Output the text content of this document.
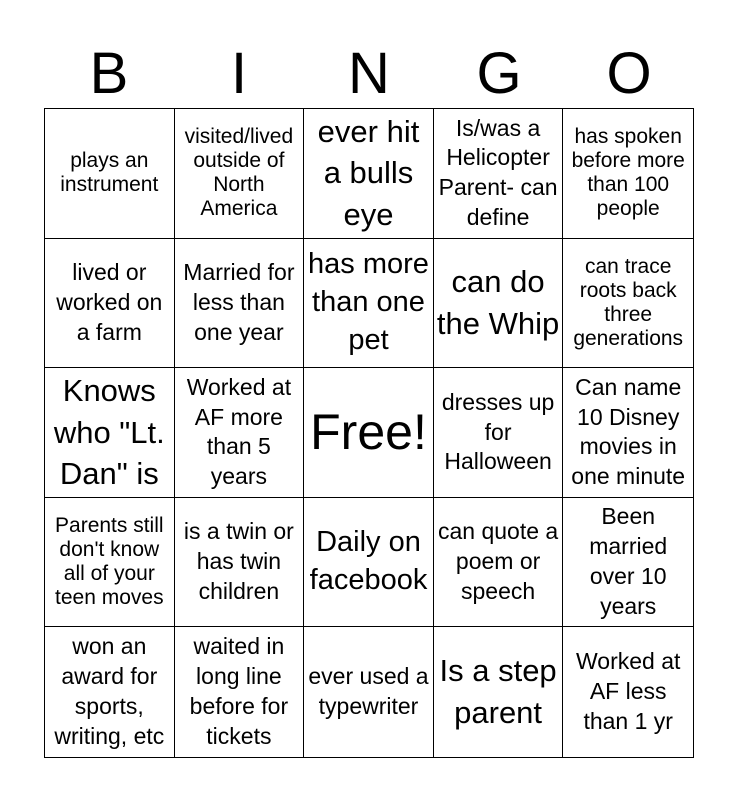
B	I	N	G	O
plays an instrument
visited/lived outside of North America
ever hit a bulls eye
Is/was a Helicopter Parent- can define
has spoken before more than 100 people
lived or worked on a farm
Married for less than one year
has more than one pet
can do the Whip
can trace roots back three generations
Knows who "Lt. Dan" is
Worked at AF more than 5 years
Free!
dresses up for Halloween
Can name 10 Disney movies in one minute
Parents still don't know all of your teen moves
is a twin or has twin children
Daily on facebook
can quote a poem or speech
Been married over 10 years
won an award for sports, writing, etc
waited in long line before for tickets
ever used a typewriter
Is a step parent
Worked at AF less than 1 yr
